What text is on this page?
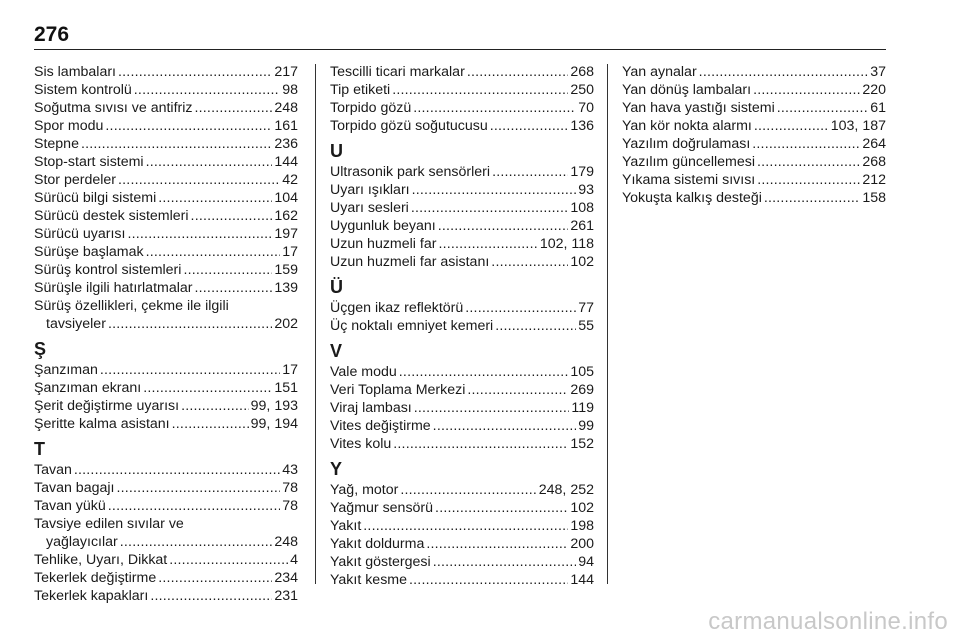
276
Sis lambaları .....	217
Sistem kontrolü .....	98
Soğutma sıvısı ve antifriz .....	248
Spor modu .....	161
Stepne .....	236
Stop-start sistemi .....	144
Stor perdeler .....	42
Sürücü bilgi sistemi .....	104
Sürücü destek sistemleri .....	162
Sürücü uyarısı .....	197
Sürüşe başlamak .....	17
Sürüş kontrol sistemleri .....	159
Sürüşle ilgili hatırlatmalar .....	139
Sürüş özellikleri, çekme ile ilgili
tavsiyeler .....	202
Ş
Şanzıman .....	17
Şanzıman ekranı .....	151
Şerit değiştirme uyarısı .....	99, 193
Şeritte kalma asistanı .....	99, 194
T
Tavan .....	43
Tavan bagajı .....	78
Tavan yükü .....	78
Tavsiye edilen sıvılar ve
yağlayıcılar .....	248
Tehlike, Uyarı, Dikkat .....	4
Tekerlek değiştirme .....	234
Tekerlek kapakları .....	231
Tescilli ticari markalar .....	268
Tip etiketi .....	250
Torpido gözü .....	70
Torpido gözü soğutucusu .....	136
U
Ultrasonik park sensörleri .....	179
Uyarı ışıkları .....	93
Uyarı sesleri .....	108
Uygunluk beyanı .....	261
Uzun huzmeli far .....	102, 118
Uzun huzmeli far asistanı .....	102
Ü
Üçgen ikaz reflektörü .....	77
Üç noktalı emniyet kemeri .....	55
V
Vale modu .....	105
Veri Toplama Merkezi .....	269
Viraj lambası .....	119
Vites değiştirme .....	99
Vites kolu .....	152
Y
Yağ, motor .....	248, 252
Yağmur sensörü .....	102
Yakıt .....	198
Yakıt doldurma .....	200
Yakıt göstergesi .....	94
Yakıt kesme .....	144
Yan aynalar .....	37
Yan dönüş lambaları .....	220
Yan hava yastığı sistemi .....	61
Yan kör nokta alarmı .....	103, 187
Yazılım doğrulaması .....	264
Yazılım güncellemesi .....	268
Yıkama sistemi sıvısı .....	212
Yokuşta kalkış desteği .....	158
carmanualsonline.info
